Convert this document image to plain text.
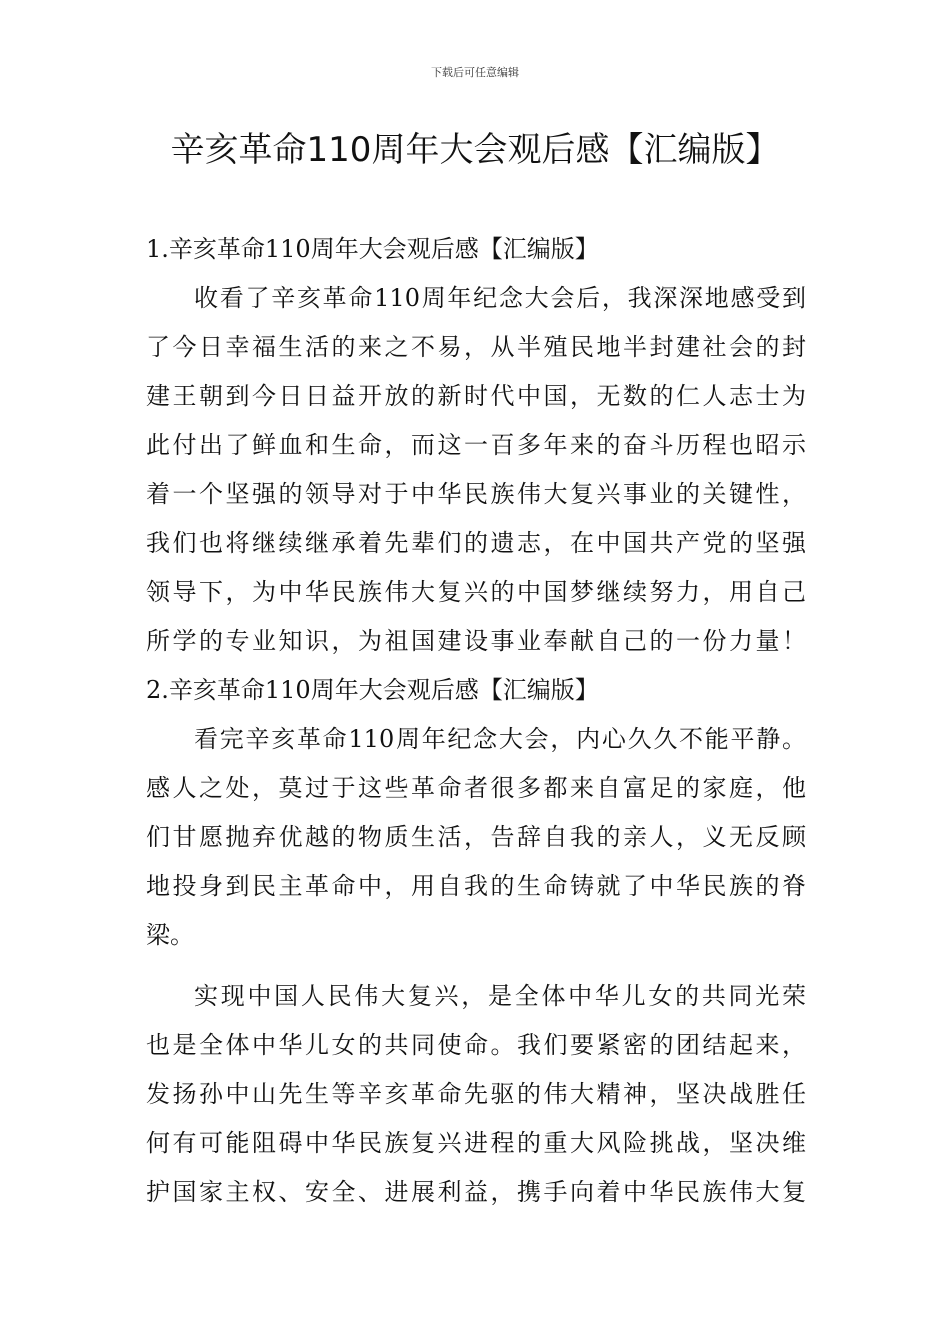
下载后可任意编辑
辛亥革命110周年大会观后感【汇编版】
1.辛亥革命110周年大会观后感【汇编版】
收看了辛亥革命110周年纪念大会后，我深深地感受到
了今日幸福生活的来之不易，从半殖民地半封建社会的封
建王朝到今日日益开放的新时代中国，无数的仁人志士为
此付出了鲜血和生命，而这一百多年来的奋斗历程也昭示
着一个坚强的领导对于中华民族伟大复兴事业的关键性，
我们也将继续继承着先辈们的遗志，在中国共产党的坚强
领导下，为中华民族伟大复兴的中国梦继续努力，用自己
所学的专业知识，为祖国建设事业奉献自己的一份力量！
2.辛亥革命110周年大会观后感【汇编版】
看完辛亥革命110周年纪念大会，内心久久不能平静。
感人之处，莫过于这些革命者很多都来自富足的家庭，他
们甘愿抛弃优越的物质生活，告辞自我的亲人，义无反顾
地投身到民主革命中，用自我的生命铸就了中华民族的脊
梁。
实现中国人民伟大复兴，是全体中华儿女的共同光荣
也是全体中华儿女的共同使命。我们要紧密的团结起来，
发扬孙中山先生等辛亥革命先驱的伟大精神，坚决战胜任
何有可能阻碍中华民族复兴进程的重大风险挑战，坚决维
护国家主权、安全、进展利益，携手向着中华民族伟大复
